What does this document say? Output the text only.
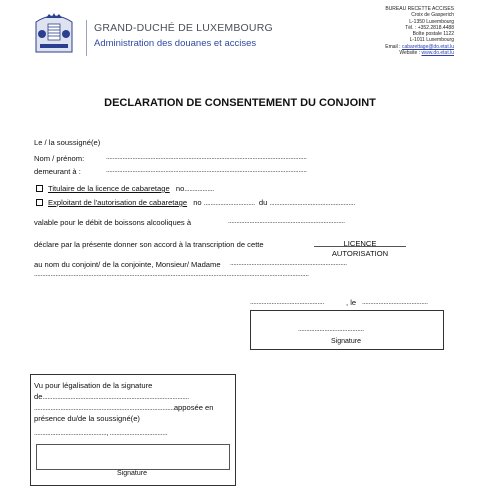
GRAND-DUCHÉ DE LUXEMBOURG
Administration des douanes et accises
BUREAU RECETTE ACCISES
Croix de Gasperich
L-1350 Luxembourg
Tél. : +352.2818.4488
Boîte postale 1122
L-1011 Luxembourg
Email : cabarettage@do.etat.lu
Website : www.do.etat.lu
DECLARATION DE CONSENTEMENT DU CONJOINT
Le / la soussigné(e)
Nom / prénom:	..........................................................................................................................
demeurant à :	..........................................................................................................................
Titulaire de la licence de cabaretage no..................
Exploitant de l'autorisation de cabaretage no ............................... du ....................................................
valable pour le débit de boissons alcooliques à	.......................................................................
déclare par la présente donner son accord à la transcription de cette	LICENCE
AUTORISATION
au nom du conjoint/ de la conjointe, Monsieur/ Madame .......................................................................
.......................................................................................................................................................................
.............................................	, le ........................................
........................................
Signature
Vu pour légalisation de la signature
de.........................................................................................
.....................................................................................apposée en
présence du/de la soussigné(e)
............................................, ...................................
Signature
